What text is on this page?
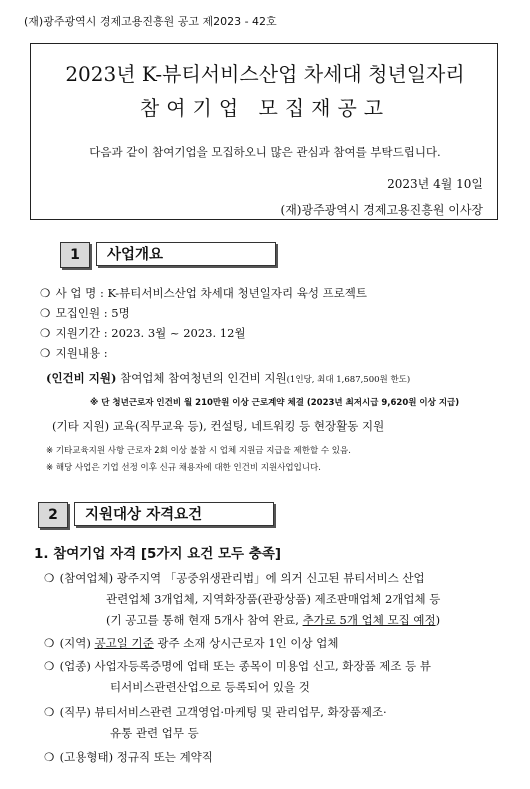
(재)광주광역시 경제고용진흥원 공고 제2023 - 42호
2023년 K-뷰티서비스산업 차세대 청년일자리
참여기업 모집재공고
다음과 같이 참여기업을 모집하오니 많은 관심과 참여를 부탁드립니다.
2023년 4월 10일
(재)광주광역시 경제고용진흥원 이사장
1	사업개요
❍ 사 업 명 : K-뷰티서비스산업 차세대 청년일자리 육성 프로젝트
❍ 모집인원 : 5명
❍ 지원기간 : 2023. 3월 ~ 2023. 12월
❍ 지원내용 :
(인건비 지원) 참여업체 참여청년의 인건비 지원(1인당, 최대 1,687,500원 한도)
※ 단 청년근로자 인건비 월 210만원 이상 근로계약 체결 (2023년 최저시급 9,620원 이상 지급)
(기타 지원) 교육(직무교육 등), 컨설팅, 네트워킹 등 현장활동 지원
※ 기타교육지원 사항 근로자 2회 이상 불참 시 업체 지원금 지급을 제한할 수 있음.
※ 해당 사업은 기업 선정 이후 신규 채용자에 대한 인건비 지원사업입니다.
2	지원대상 자격요건
1. 참여기업 자격 [5가지 요건 모두 충족]
❍ (참여업체) 광주지역 「공중위생관리법」에 의거 신고된 뷰티서비스 산업
관련업체 3개업체, 지역화장품(관광상품) 제조판매업체 2개업체 등
(기 공고를 통해 현재 5개사 참여 완료, 추가로 5개 업체 모집 예정)
❍ (지역) 공고일 기준 광주 소재 상시근로자 1인 이상 업체
❍ (업종) 사업자등록증명에 업태 또는 종목이 미용업 신고, 화장품 제조 등 뷰
티서비스관련산업으로 등록되어 있을 것
❍ (직무) 뷰티서비스관련 고객영업·마케팅 및 관리업무, 화장품제조·
유통 관련 업무 등
❍ (고용형태) 정규직 또는 계약직
